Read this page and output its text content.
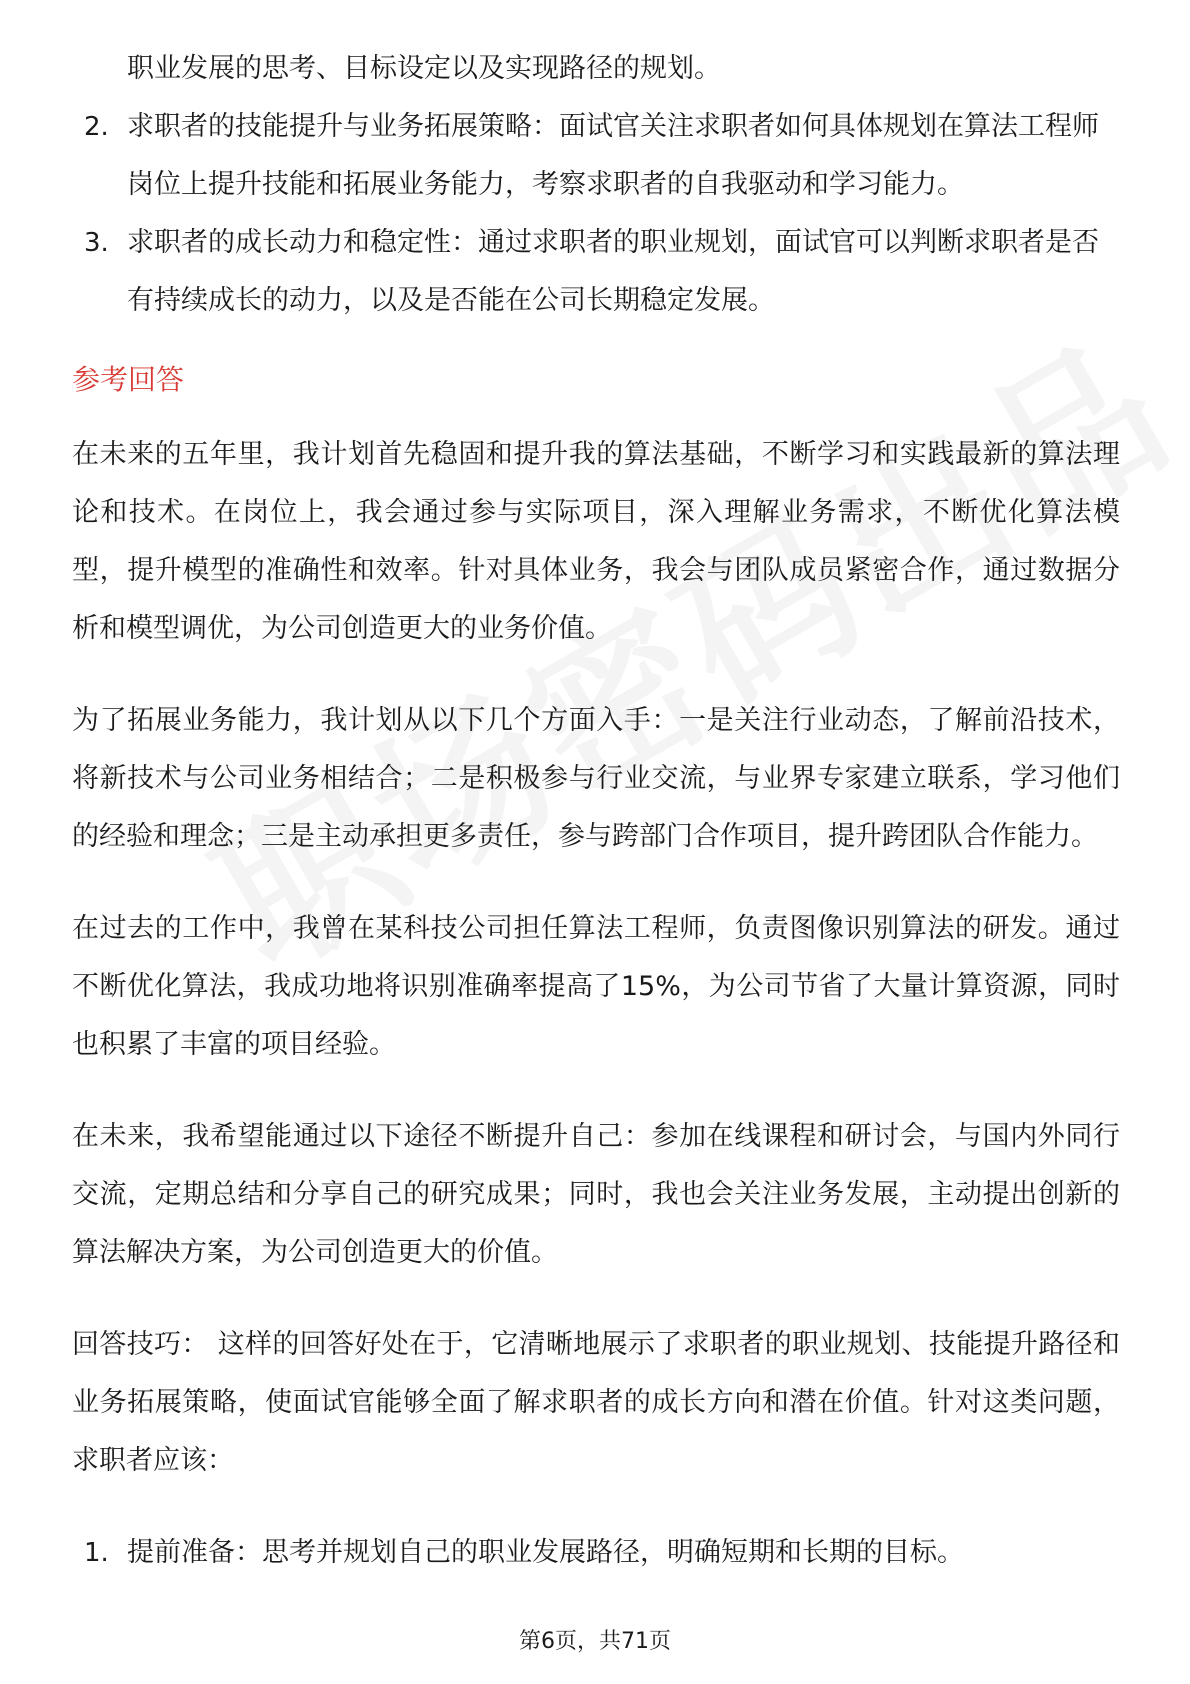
职业发展的思考、目标设定以及实现路径的规划。
2. 求职者的技能提升与业务拓展策略：面试官关注求职者如何具体规划在算法工程师岗位上提升技能和拓展业务能力，考察求职者的自我驱动和学习能力。
3. 求职者的成长动力和稳定性：通过求职者的职业规划，面试官可以判断求职者是否有持续成长的动力，以及是否能在公司长期稳定发展。
参考回答

在未来的五年里，我计划首先稳固和提升我的算法基础，不断学习和实践最新的算法理论和技术。在岗位上，我会通过参与实际项目，深入理解业务需求，不断优化算法模型，提升模型的准确性和效率。针对具体业务，我会与团队成员紧密合作，通过数据分析和模型调优，为公司创造更大的业务价值。

为了拓展业务能力，我计划从以下几个方面入手：一是关注行业动态，了解前沿技术，将新技术与公司业务相结合；二是积极参与行业交流，与业界专家建立联系，学习他们的经验和理念；三是主动承担更多责任，参与跨部门合作项目，提升跨团队合作能力。

在过去的工作中，我曾在某科技公司担任算法工程师，负责图像识别算法的研发。通过不断优化算法，我成功地将识别准确率提高了15%，为公司节省了大量计算资源，同时也积累了丰富的项目经验。

在未来，我希望能通过以下途径不断提升自己：参加在线课程和研讨会，与国内外同行交流，定期总结和分享自己的研究成果；同时，我也会关注业务发展，主动提出创新的算法解决方案，为公司创造更大的价值。

回答技巧： 这样的回答好处在于，它清晰地展示了求职者的职业规划、技能提升路径和业务拓展策略，使面试官能够全面了解求职者的成长方向和潜在价值。针对这类问题，求职者应该：

1. 提前准备：思考并规划自己的职业发展路径，明确短期和长期的目标。
第6页，共71页
